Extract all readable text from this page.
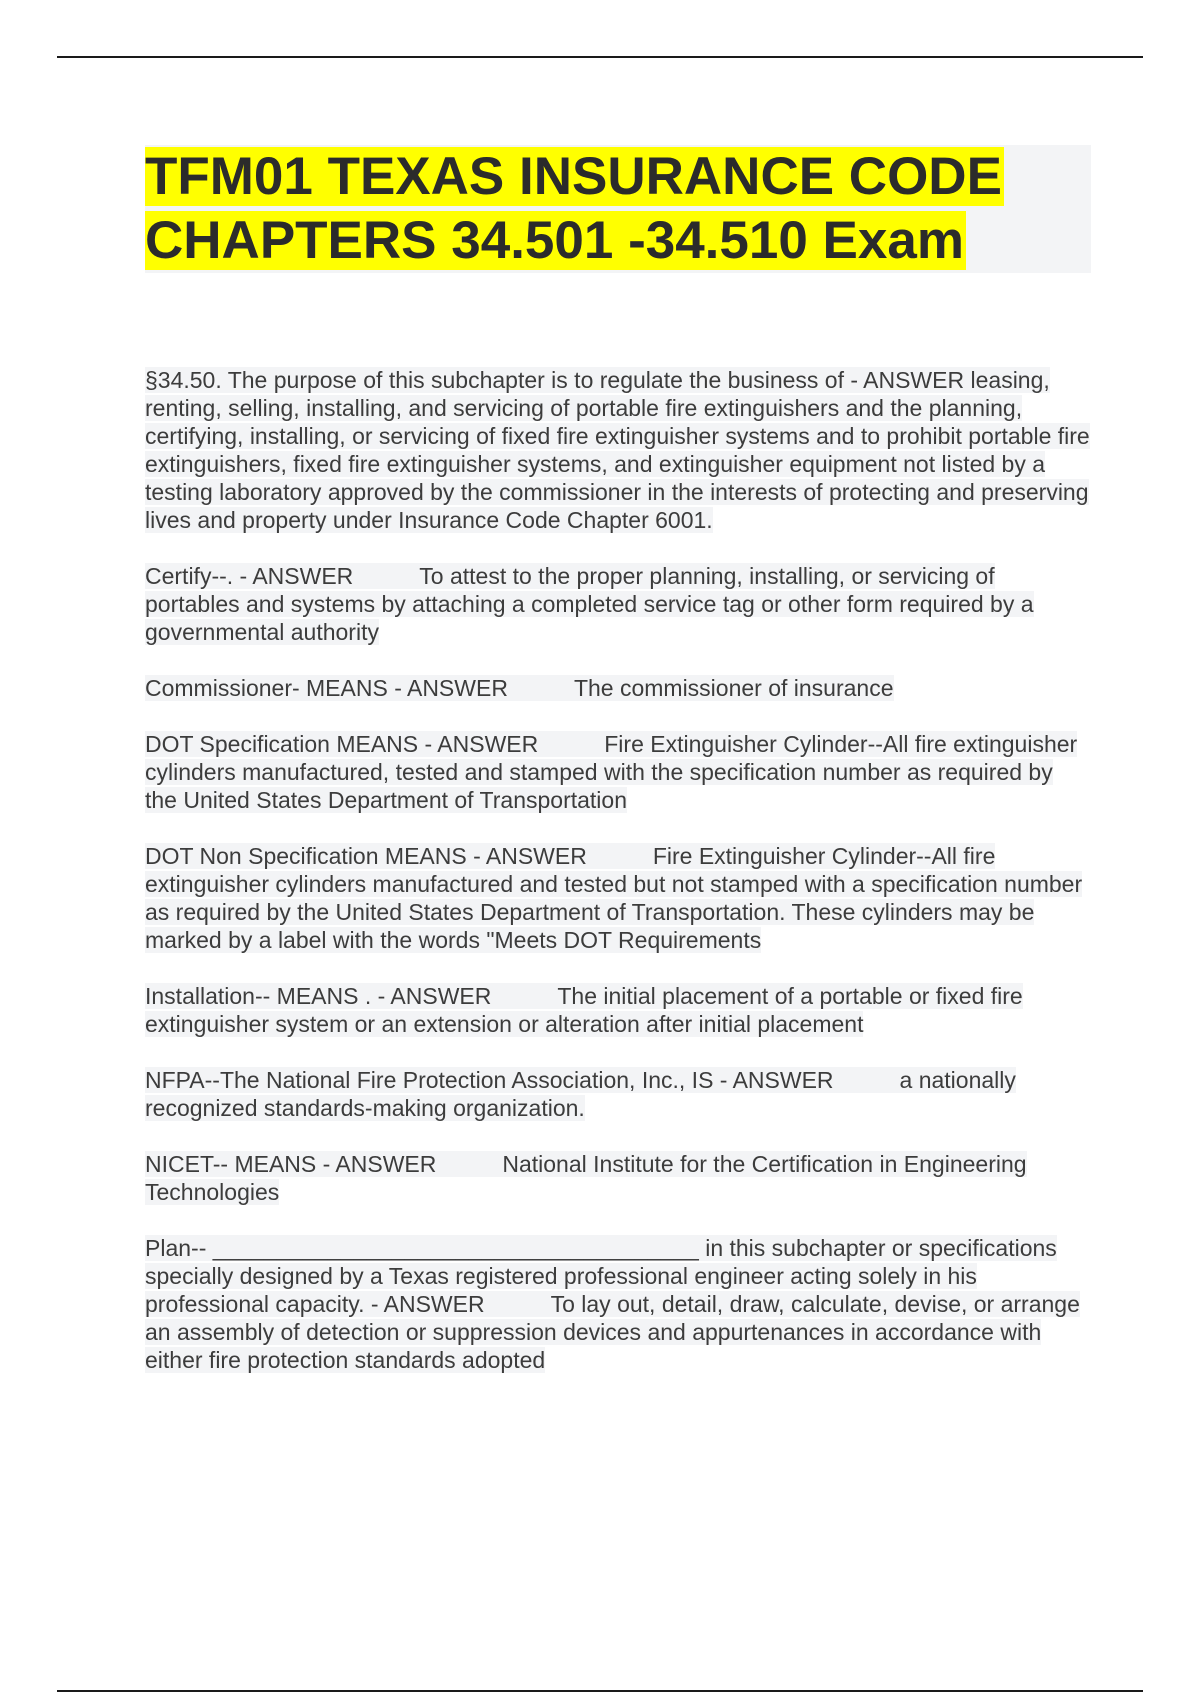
TFM01 TEXAS INSURANCE CODE
CHAPTERS 34.501 -34.510 Exam

§34.50. The purpose of this subchapter is to regulate the business of - ANSWER leasing, renting, selling, installing, and servicing of portable fire extinguishers and the planning, certifying, installing, or servicing of fixed fire extinguisher systems and to prohibit portable fire extinguishers, fixed fire extinguisher systems, and extinguisher equipment not listed by a testing laboratory approved by the commissioner in the interests of protecting and preserving lives and property under Insurance Code Chapter 6001.

Certify--. - ANSWER	To attest to the proper planning, installing, or servicing of portables and systems by attaching a completed service tag or other form required by a governmental authority

Commissioner- MEANS - ANSWER	The commissioner of insurance

DOT Specification MEANS - ANSWER	Fire Extinguisher Cylinder--All fire extinguisher cylinders manufactured, tested and stamped with the specification number as required by the United States Department of Transportation

DOT Non Specification MEANS - ANSWER	Fire Extinguisher Cylinder--All fire extinguisher cylinders manufactured and tested but not stamped with a specification number as required by the United States Department of Transportation. These cylinders may be marked by a label with the words "Meets DOT Requirements

Installation-- MEANS . - ANSWER	The initial placement of a portable or fixed fire extinguisher system or an extension or alteration after initial placement

NFPA--The National Fire Protection Association, Inc., IS - ANSWER	a nationally recognized standards-making organization.

NICET-- MEANS - ANSWER	National Institute for the Certification in Engineering Technologies

Plan-- ______________________________________ in this subchapter or specifications specially designed by a Texas registered professional engineer acting solely in his professional capacity. - ANSWER	To lay out, detail, draw, calculate, devise, or arrange an assembly of detection or suppression devices and appurtenances in accordance with either fire protection standards adopted
